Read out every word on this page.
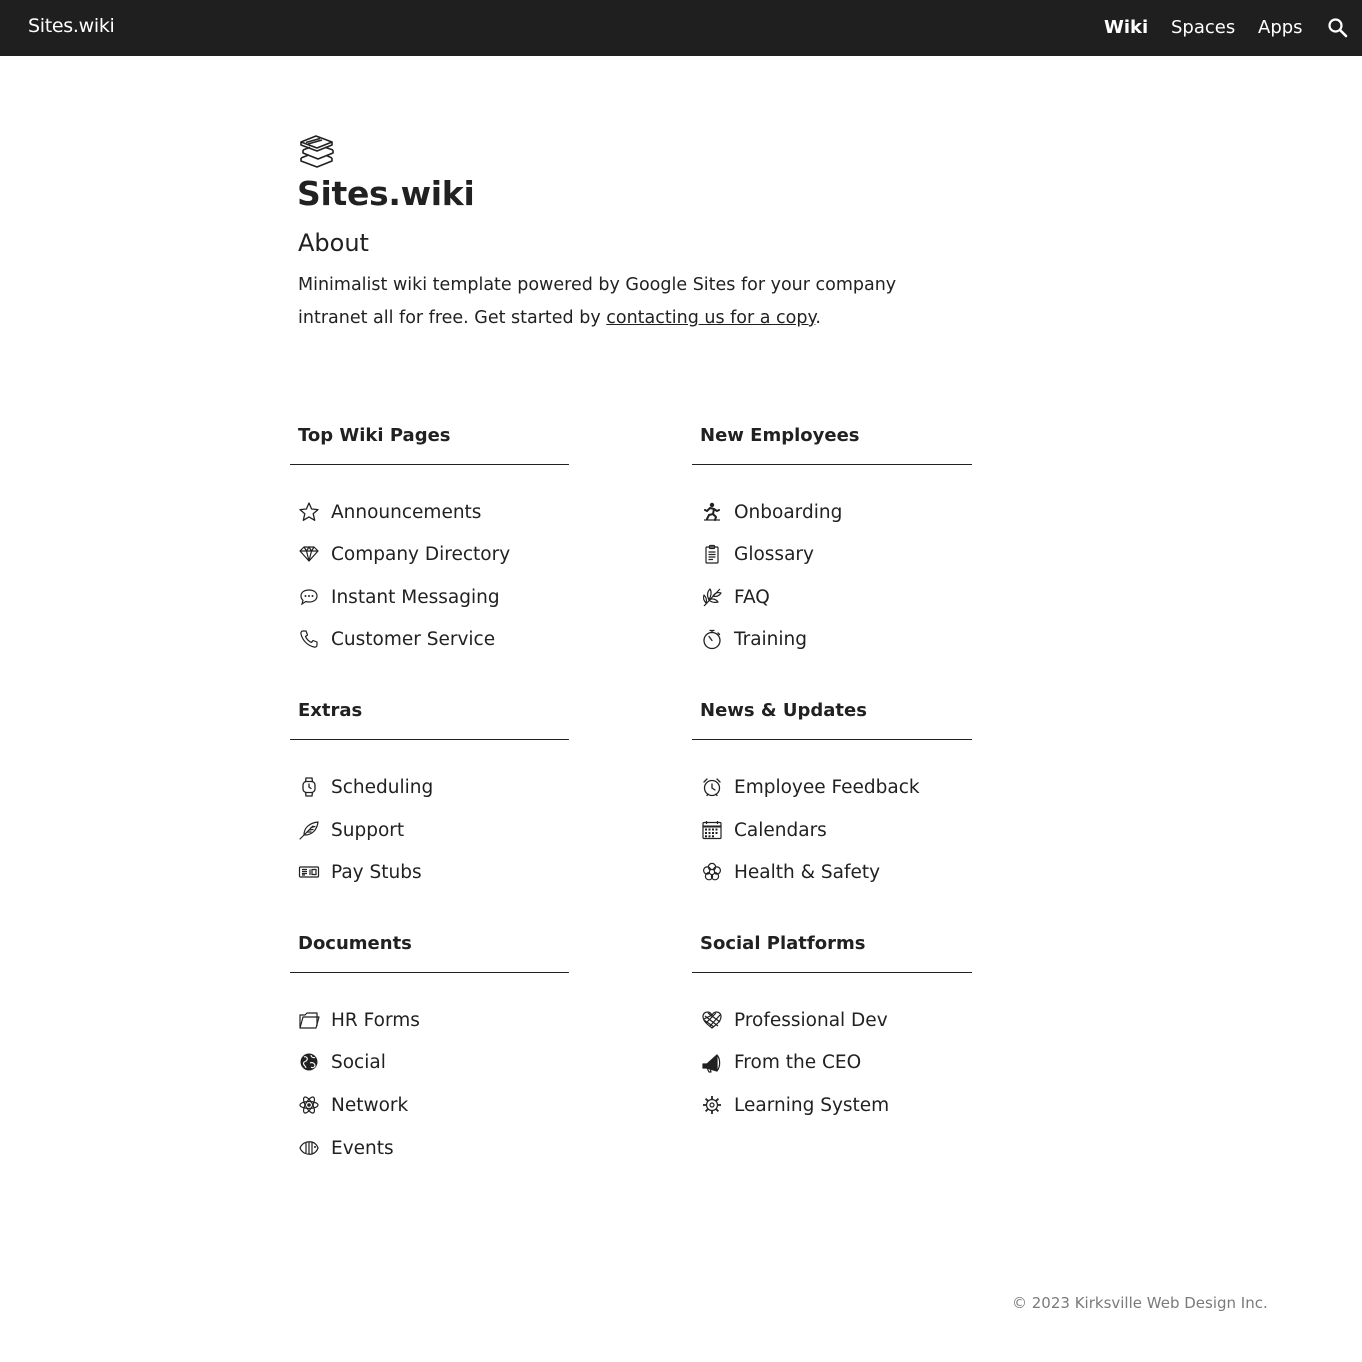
Sites.wiki	Wiki Spaces Apps
Sites.wiki
About
Minimalist wiki template powered by Google Sites for your company intranet all for free. Get started by contacting us for a copy.
Top Wiki Pages
Announcements
Company Directory
Instant Messaging
Customer Service
New Employees
Onboarding
Glossary
FAQ
Training
Extras
Scheduling
Support
Pay Stubs
News & Updates
Employee Feedback
Calendars
Health & Safety
Documents
HR Forms
Social
Network
Events
Social Platforms
Professional Dev
From the CEO
Learning System
© 2023 Kirksville Web Design Inc.
